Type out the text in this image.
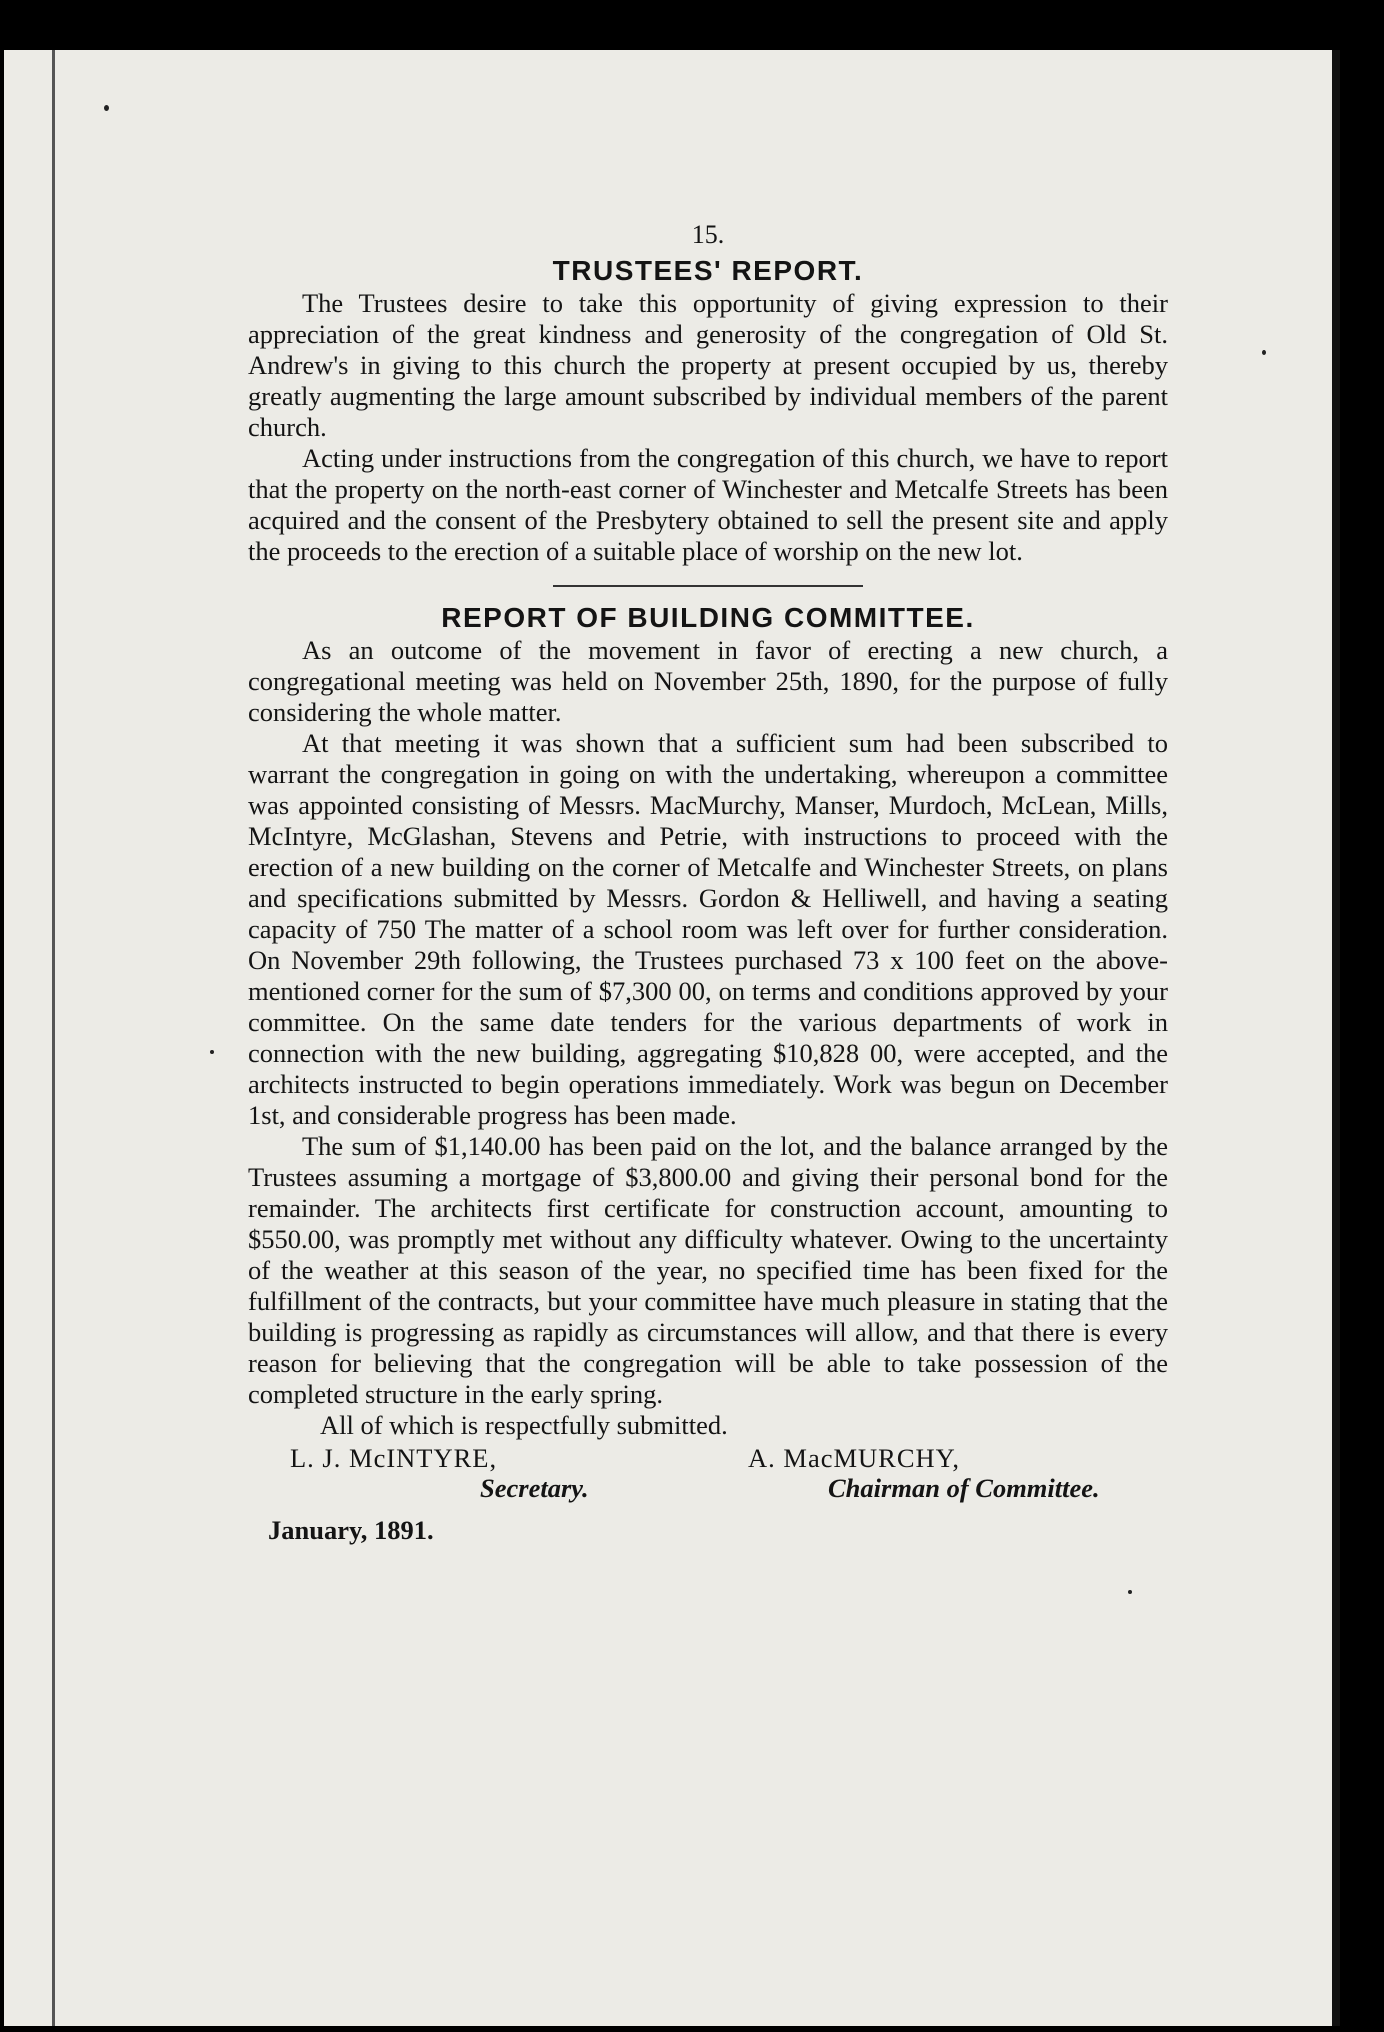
15.
TRUSTEES' REPORT.

The Trustees desire to take this opportunity of giving expression to their appreciation of the great kindness and generosity of the congregation of Old St. Andrew's in giving to this church the property at present occupied by us, thereby greatly augmenting the large amount subscribed by individual members of the parent church.

Acting under instructions from the congregation of this church, we have to report that the property on the north-east corner of Winchester and Metcalfe Streets has been acquired and the consent of the Presbytery obtained to sell the present site and apply the proceeds to the erection of a suitable place of worship on the new lot.

REPORT OF BUILDING COMMITTEE.

As an outcome of the movement in favor of erecting a new church, a congregational meeting was held on November 25th, 1890, for the purpose of fully considering the whole matter.

At that meeting it was shown that a sufficient sum had been subscribed to warrant the congregation in going on with the undertaking, whereupon a committee was appointed consisting of Messrs. MacMurchy, Manser, Murdoch, McLean, Mills, McIntyre, McGlashan, Stevens and Petrie, with instructions to proceed with the erection of a new building on the corner of Metcalfe and Winchester Streets, on plans and specifications submitted by Messrs. Gordon & Helliwell, and having a seating capacity of 750 The matter of a school room was left over for further consideration. On November 29th following, the Trustees purchased 73 x 100 feet on the above-mentioned corner for the sum of $7,300 00, on terms and conditions approved by your committee. On the same date tenders for the various departments of work in connection with the new building, aggregating $10,828 00, were accepted, and the architects instructed to begin operations immediately. Work was begun on December 1st, and considerable progress has been made.

The sum of $1,140.00 has been paid on the lot, and the balance arranged by the Trustees assuming a mortgage of $3,800.00 and giving their personal bond for the remainder. The architects first certificate for construction account, amounting to $550.00, was promptly met without any difficulty whatever. Owing to the uncertainty of the weather at this season of the year, no specified time has been fixed for the fulfillment of the contracts, but your committee have much pleasure in stating that the building is progressing as rapidly as circumstances will allow, and that there is every reason for believing that the congregation will be able to take possession of the completed structure in the early spring.

All of which is respectfully submitted.

L. J. McINTYRE,
Secretary.
A. MacMURCHY,
Chairman of Committee.
January, 1891.
